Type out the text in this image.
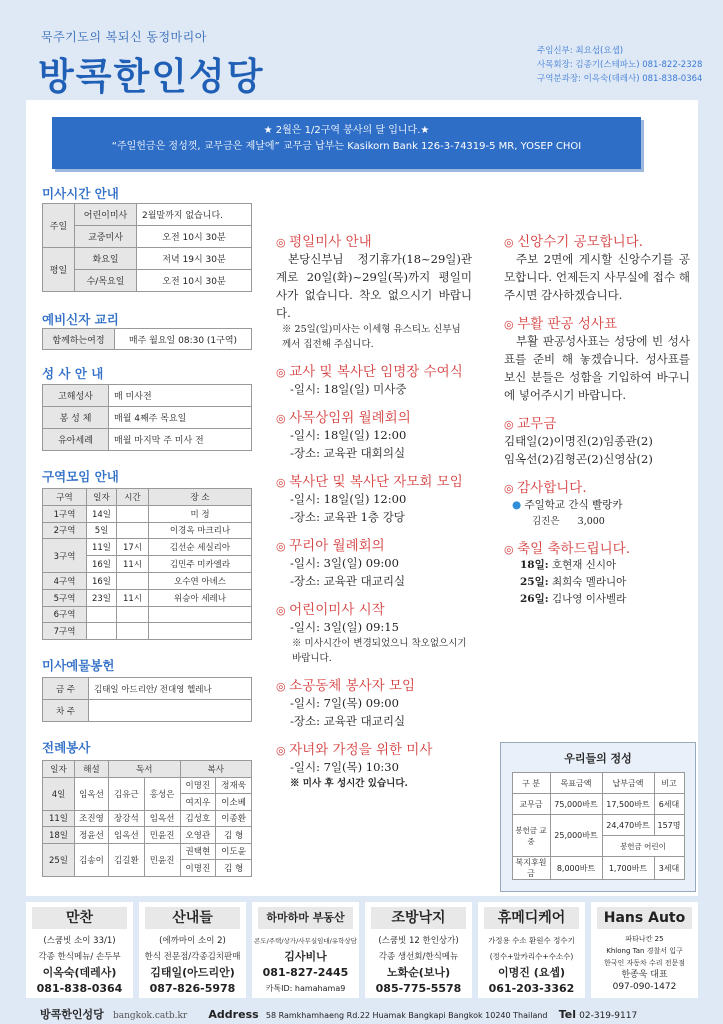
묵주기도의 복되신 동정마리아
방콕한인성당
주임신부: 최요섭(요셉)
사목회장: 김종기(스테파노) 081-822-2328
구역분과장: 이옥숙(데레사) 081-838-0364
★ 2월은 1/2구역 봉사의 달 입니다.★
“주일헌금은 정성껏, 교무금은 제날에” 교무금 납부는 Kasikorn Bank 126-3-74319-5 MR, YOSEP CHOI
미사시간 안내
주일	어린이미사	2월말까지 없습니다.
	교중미사	오전 10시 30분
평일	화요일	저녁 19시 30분
	수/목요일	오전 10시 30분
예비신자 교리
함께하는여정	매주 월요일 08:30 (1구역)
성 사 안 내
고해성사	매 미사전
봉 성 체	매월 4째주 목요일
유아세례	매월 마지막 주 미사 전
구역모임 안내
구역	일자	시간	장 소
1구역	14일		미 정
2구역	5일		이경옥 마크리나
3구역	11일	17시	김선순 세실리아
	16일	11시	김민주 미카엘라
4구역	16일		오수연 아녜스
5구역	23일	11시	위승아 세레나
6구역			
7구역			
미사예물봉헌
금 주	김태일 아드리안/ 전대영 헬레나
차 주	
전례봉사
일자	해설	독서		복사	
4일	임옥선	김유근	홍성은	이명진	정재욱
				여지우	이소베
11일	조진영	장강석	임옥선	김성호	이종환
18일	정윤선	임옥선	민윤진	오영관	김 형
25일	김송이	김길환	민윤진	권택현	이도윤
				이명진	김 형
◎ 평일미사 안내

본당신부님 정기휴가(18~29일)관계로 20일(화)~29일(목)까지 평일미사가 없습니다. 착오 없으시기 바랍니다.

※ 25일(일)미사는 이세형 유스티노 신부님 께서 집전해 주십니다.

◎ 교사 및 복사단 임명장 수여식

-일시: 18일(일) 미사중

◎ 사목상임위 월례회의

-일시: 18일(일) 12:00

-장소: 교육관 대회의실

◎ 복사단 및 복사단 자모회 모임

-일시: 18일(일) 12:00

-장소: 교육관 1층 강당

◎ 꾸리아 월례회의

-일시: 3일(일) 09:00

-장소: 교육관 대교리실

◎ 어린이미사 시작

-일시: 3일(일) 09:15

※ 미사시간이 변경되었으니 착오없으시기 바랍니다.

◎ 소공동체 봉사자 모임

-일시: 7일(목) 09:00

-장소: 교육관 대교리실

◎ 자녀와 가정을 위한 미사

-일시: 7일(목) 10:30

※ 미사 후 성시간 있습니다.

◎ 신앙수기 공모합니다.

주보 2면에 게시할 신앙수기를 공모합니다. 언제든지 사무실에 접수 해 주시면 감사하겠습니다.

◎ 부활 판공 성사표

부활 판공성사표는 성당에 빈 성사표를 준비 해 놓겠습니다. 성사표를 보신 분들은 성함을 기입하여 바구니에 넣어주시기 바랍니다.

◎ 교무금

김태일(2)이명진(2)임종관(2)

임옥선(2)김형곤(2)신영삼(2)

◎ 감사합니다.

● 주일학교 간식 빨랑카

김진은      3,000

◎ 축일 축하드립니다.

18일: 호현재 신시아

25일: 최희숙 멜라니아

26일: 김나영 이사벨라

우리들의 정성
구 분	목표금액	납부금액	비고
교무금	75,000바트	17,500바트	6세대
봉헌금 교중	25,000바트	24,470바트	157명
		봉헌금 어린이	
복지후원금	8,000바트	1,700바트	3세대
만찬
(스쿰빗 소이 33/1)
각종 한식메뉴/ 손두부
이옥숙(데레사)
081-838-0364
산내들
(에까마이 소이 2)
한식 전문점/각종김치판매
김태일(아드리안)
087-826-5978
하마하마 부동산
콘도/주택/상가/사무실임대/유학상담
김사비나
081-827-2445
카톡ID: hamahama9
조방낙지
(스쿰빗 12 한인상가)
각종 생선회/한식메뉴
노화순(보나)
085-775-5578
휴메디케어
가정용 수소 환원수 정수기
(정수+알카리수+수소수)
이명진 (요셉)
061-203-3362
Hans Auto
파타나칸 25
Khlong Tan 경찰서 입구
한국인 자동차 수리 전문점
한종욱 대표
097-090-1472
방콕한인성당 bangkok.catb.kr Address 58 Ramkhamhaeng Rd.22 Huamak Bangkapi Bangkok 10240 Thailand Tel 02-319-9117
